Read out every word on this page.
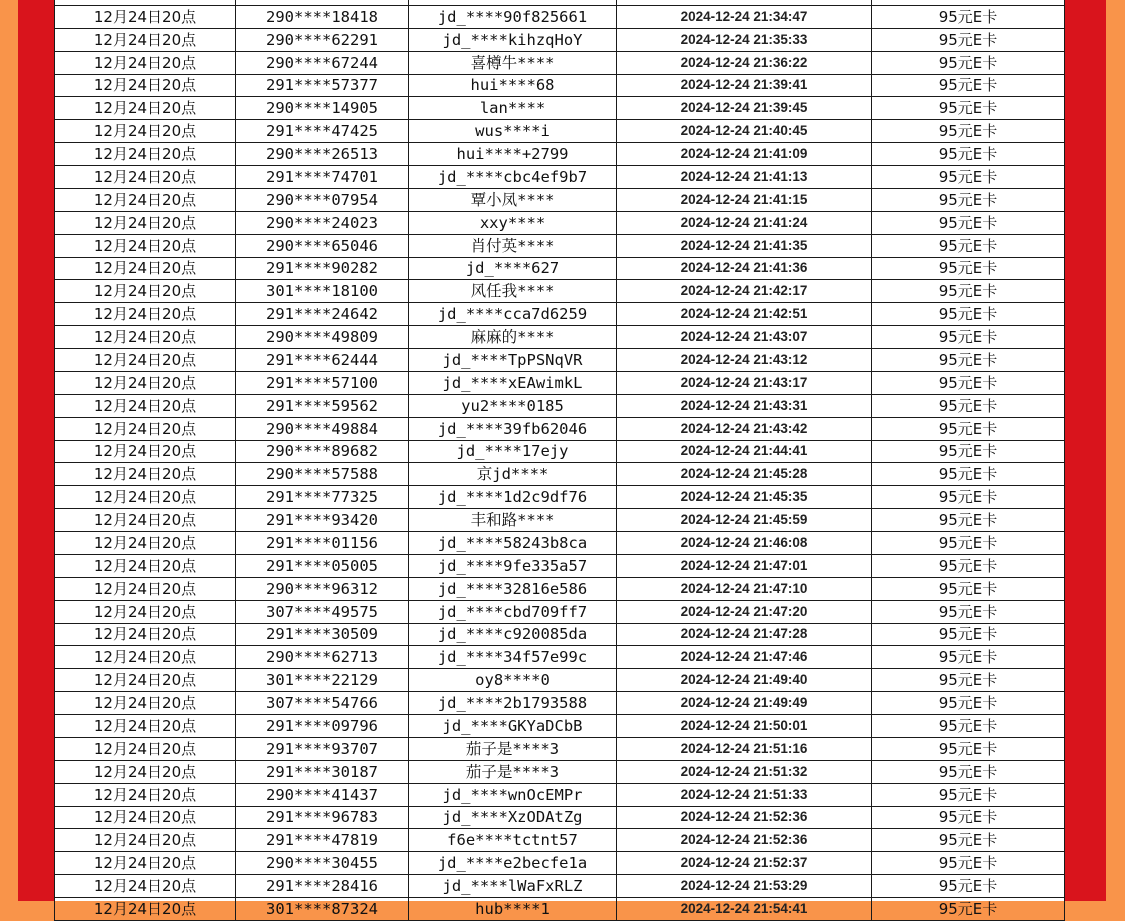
12月24日20点	290****18418	jd_****90f825661	2024-12-24 21:34:47	95元E卡
12月24日20点	290****62291	jd_****kihzqHoY	2024-12-24 21:35:33	95元E卡
12月24日20点	290****67244	喜樽牛****	2024-12-24 21:36:22	95元E卡
12月24日20点	291****57377	hui****68	2024-12-24 21:39:41	95元E卡
12月24日20点	290****14905	lan****	2024-12-24 21:39:45	95元E卡
12月24日20点	291****47425	wus****i	2024-12-24 21:40:45	95元E卡
12月24日20点	290****26513	hui****+2799	2024-12-24 21:41:09	95元E卡
12月24日20点	291****74701	jd_****cbc4ef9b7	2024-12-24 21:41:13	95元E卡
12月24日20点	290****07954	覃小凤****	2024-12-24 21:41:15	95元E卡
12月24日20点	290****24023	xxy****	2024-12-24 21:41:24	95元E卡
12月24日20点	290****65046	肖付英****	2024-12-24 21:41:35	95元E卡
12月24日20点	291****90282	jd_****627	2024-12-24 21:41:36	95元E卡
12月24日20点	301****18100	风任我****	2024-12-24 21:42:17	95元E卡
12月24日20点	291****24642	jd_****cca7d6259	2024-12-24 21:42:51	95元E卡
12月24日20点	290****49809	麻麻的****	2024-12-24 21:43:07	95元E卡
12月24日20点	291****62444	jd_****TpPSNqVR	2024-12-24 21:43:12	95元E卡
12月24日20点	291****57100	jd_****xEAwimkL	2024-12-24 21:43:17	95元E卡
12月24日20点	291****59562	yu2****0185	2024-12-24 21:43:31	95元E卡
12月24日20点	290****49884	jd_****39fb62046	2024-12-24 21:43:42	95元E卡
12月24日20点	290****89682	jd_****17ejy	2024-12-24 21:44:41	95元E卡
12月24日20点	290****57588	京jd****	2024-12-24 21:45:28	95元E卡
12月24日20点	291****77325	jd_****1d2c9df76	2024-12-24 21:45:35	95元E卡
12月24日20点	291****93420	丰和路****	2024-12-24 21:45:59	95元E卡
12月24日20点	291****01156	jd_****58243b8ca	2024-12-24 21:46:08	95元E卡
12月24日20点	291****05005	jd_****9fe335a57	2024-12-24 21:47:01	95元E卡
12月24日20点	290****96312	jd_****32816e586	2024-12-24 21:47:10	95元E卡
12月24日20点	307****49575	jd_****cbd709ff7	2024-12-24 21:47:20	95元E卡
12月24日20点	291****30509	jd_****c920085da	2024-12-24 21:47:28	95元E卡
12月24日20点	290****62713	jd_****34f57e99c	2024-12-24 21:47:46	95元E卡
12月24日20点	301****22129	oy8****0	2024-12-24 21:49:40	95元E卡
12月24日20点	307****54766	jd_****2b1793588	2024-12-24 21:49:49	95元E卡
12月24日20点	291****09796	jd_****GKYaDCbB	2024-12-24 21:50:01	95元E卡
12月24日20点	291****93707	茄子是****3	2024-12-24 21:51:16	95元E卡
12月24日20点	291****30187	茄子是****3	2024-12-24 21:51:32	95元E卡
12月24日20点	290****41437	jd_****wnOcEMPr	2024-12-24 21:51:33	95元E卡
12月24日20点	291****96783	jd_****XzODAtZg	2024-12-24 21:52:36	95元E卡
12月24日20点	291****47819	f6e****tctnt57	2024-12-24 21:52:36	95元E卡
12月24日20点	290****30455	jd_****e2becfe1a	2024-12-24 21:52:37	95元E卡
12月24日20点	291****28416	jd_****lWaFxRLZ	2024-12-24 21:53:29	95元E卡
12月24日20点	301****87324	hub****1	2024-12-24 21:54:41	95元E卡
